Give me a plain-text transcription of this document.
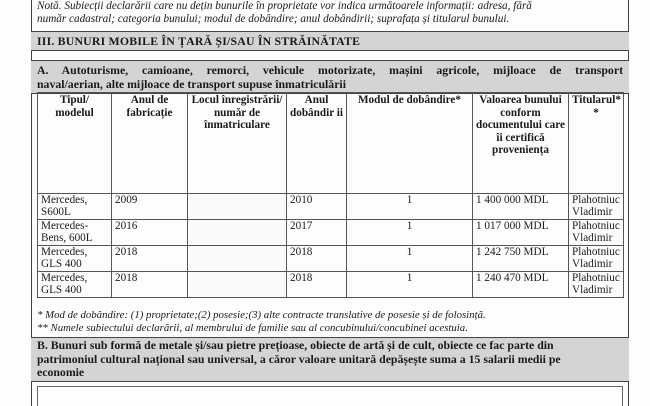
Notă. Subiecții declarării care nu dețin bunurile în proprietate vor indica următoarele informații: adresa, fără
număr cadastral; categoria bunului; modul de dobândire; anul dobândirii; suprafața și titularul bunului.
III. BUNURI MOBILE ÎN ȚARĂ ȘI/SAU ÎN STRĂINĂTATE
A. Autoturisme, camioane, remorci, vehicule motorizate, mașini agricole, mijloace de transport
naval/aerian, alte mijloace de transport supuse înmatriculării
Tipul/ modelul	Anul de fabricație	Locul înregistrării/ număr de înmatriculare	Anul dobândir ii	Modul de dobândire*	Valoarea bunului conform documentului care îi certifică proveniența	Titularul* *
Mercedes, S600L	2009		2010	1	1 400 000 MDL	Plahotniuc Vladimir
Mercedes-Bens, 600L	2016		2017	1	1 017 000 MDL	Plahotniuc Vladimir
Mercedes, GLS 400	2018		2018	1	1 242 750 MDL	Plahotniuc Vladimir
Mercedes, GLS 400	2018		2018	1	1 240 470 MDL	Plahotniuc Vladimir
* Mod de dobândire: (1) proprietate;(2) posesie;(3) alte contracte translative de posesie și de folosință.
** Numele subiectului declarării, al membrului de familie sau al concubinului/concubinei acestuia.
B. Bunuri sub formă de metale și/sau pietre prețioase, obiecte de artă și de cult, obiecte ce fac parte din
patrimoniul cultural național sau universal, a căror valoare unitară depășește suma a 15 salarii medii pe
economie
